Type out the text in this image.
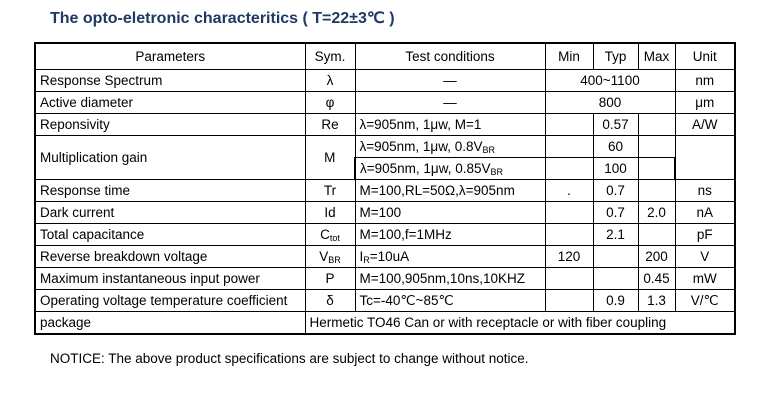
The opto-eletronic characteritics ( T=22±3℃ )
Parameters	Sym.	Test conditions	Min	Typ	Max	Unit
Response Spectrum	λ	—	400~1100			nm
Active diameter	φ	—	800			μm
Reponsivity	Re	λ=905nm, 1μw, M=1		0.57		A/W
Multiplication gain	M	λ=905nm, 1μw, $0.8V_{BR}$		60		
		λ=905nm, 1μw, $0.85V_{BR}$		100		
Response time	Tr	M=100,RL=50Ω,λ=905nm	.	0.7		ns
Dark current	Id	M=100		0.7	2.0	nA
Total capacitance	$C_{tot}$	M=100,f=1MHz		2.1		pF
Reverse breakdown voltage	$V_{BR}$	$I_R=10uA$	120		200	V
Maximum instantaneous input power	P	M=100,905nm,10ns,10KHZ			0.45	mW
Operating voltage temperature coefficient	δ	Tc=-40℃~85℃		0.9	1.3	V/℃
package	Hermetic TO46 Can or with receptacle or with fiber coupling					
NOTICE: The above product specifications are subject to change without notice.
